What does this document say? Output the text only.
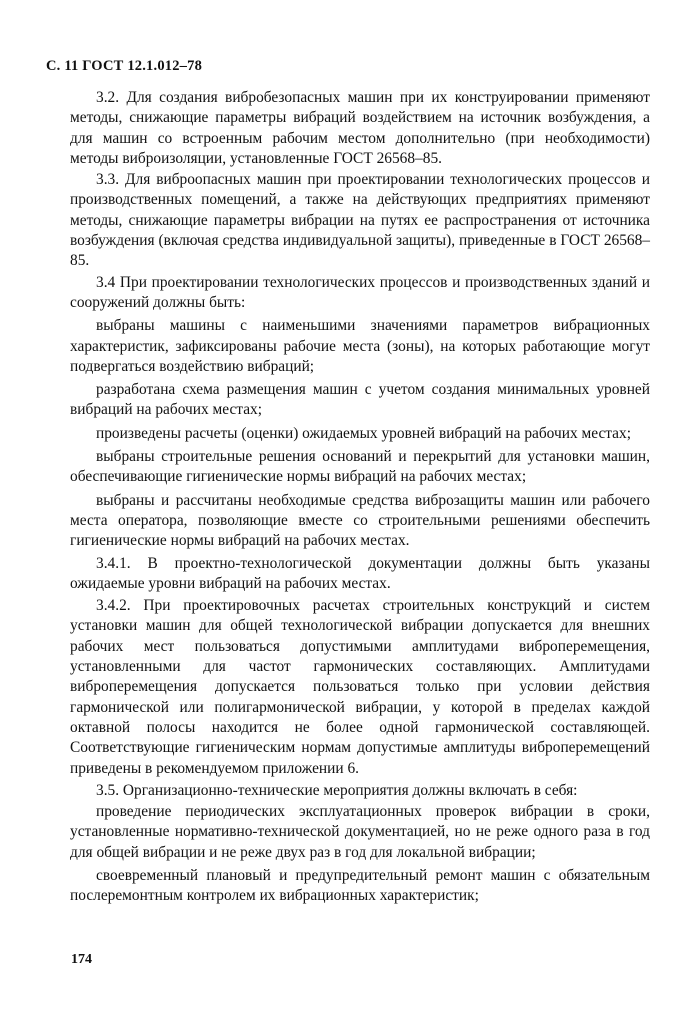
С. 11 ГОСТ 12.1.012–78

3.2. Для создания вибробезопасных машин при их конструировании применяют методы, снижающие параметры вибраций воздействием на источник возбуждения, а для машин со встроенным рабочим местом дополнительно (при необходимости) методы виброизоляции, установленные ГОСТ 26568–85.

3.3. Для виброопасных машин при проектировании технологических процессов и производственных помещений, а также на действующих предприятиях применяют методы, снижающие параметры вибрации на путях ее распространения от источника возбуждения (включая средства индивидуальной защиты), приведенные в ГОСТ 26568–85.

3.4 При проектировании технологических процессов и производственных зданий и сооружений должны быть:

выбраны машины с наименьшими значениями параметров вибрационных характеристик, зафиксированы рабочие места (зоны), на которых работающие могут подвергаться воздействию вибраций;

разработана схема размещения машин с учетом создания минимальных уровней вибраций на рабочих местах;

произведены расчеты (оценки) ожидаемых уровней вибраций на рабочих местах;

выбраны строительные решения оснований и перекрытий для установки машин, обеспечивающие гигиенические нормы вибраций на рабочих местах;

выбраны и рассчитаны необходимые средства виброзащиты машин или рабочего места оператора, позволяющие вместе со строительными решениями обеспечить гигиенические нормы вибраций на рабочих местах.

3.4.1. В проектно-технологической документации должны быть указаны ожидаемые уровни вибраций на рабочих местах.

3.4.2. При проектировочных расчетах строительных конструкций и систем установки машин для общей технологической вибрации допускается для внешних рабочих мест пользоваться допустимыми амплитудами виброперемещения, установленными для частот гармонических составляющих. Амплитудами виброперемещения допускается пользоваться только при условии действия гармонической или полигармонической вибрации, у которой в пределах каждой октавной полосы находится не более одной гармонической составляющей. Соответствующие гигиеническим нормам допустимые амплитуды виброперемещений приведены в рекомендуемом приложении 6.

3.5. Организационно-технические мероприятия должны включать в себя:

проведение периодических эксплуатационных проверок вибрации в сроки, установленные нормативно-технической документацией, но не реже одного раза в год для общей вибрации и не реже двух раз в год для локальной вибрации;

своевременный плановый и предупредительный ремонт машин с обязательным послеремонтным контролем их вибрационных характеристик;

174
